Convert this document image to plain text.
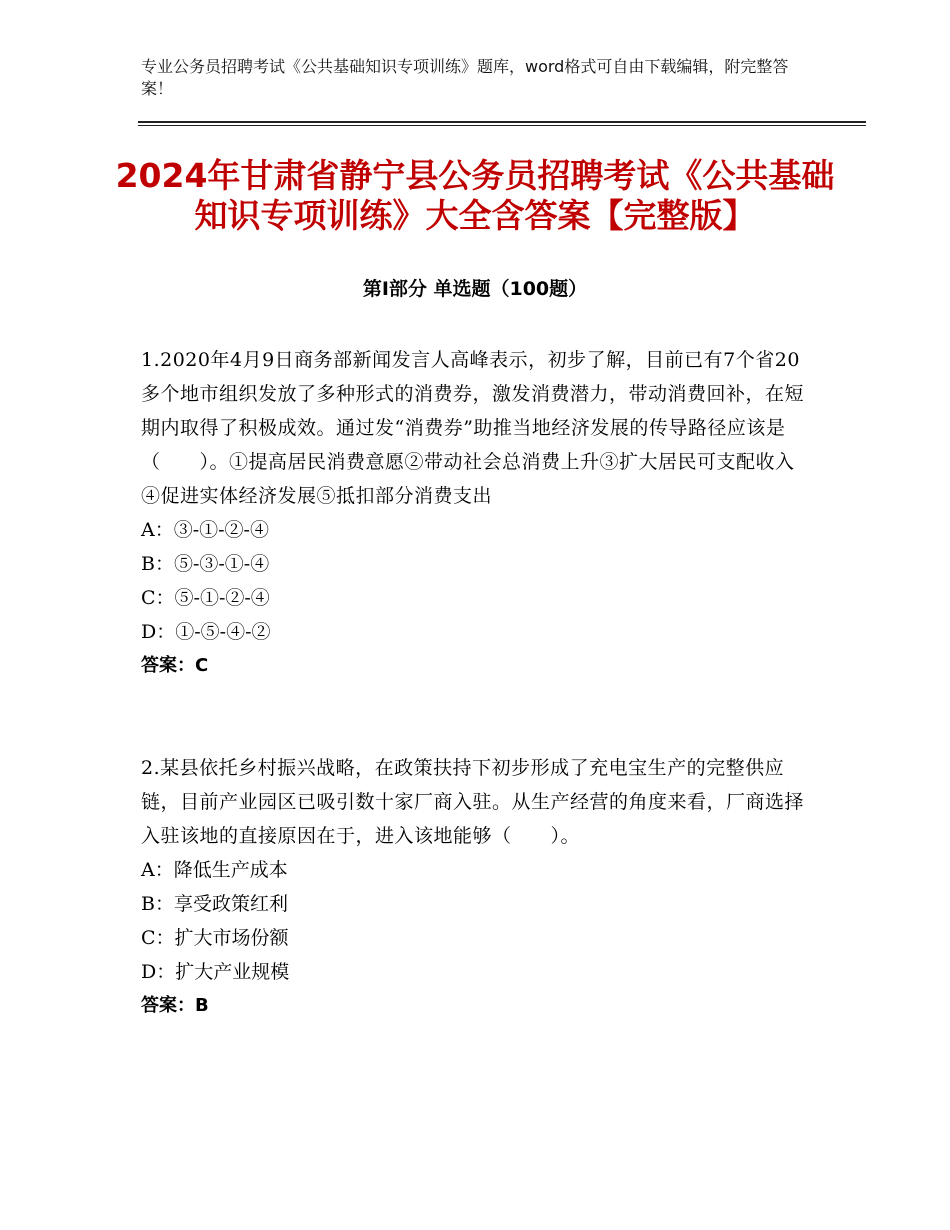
专业公务员招聘考试《公共基础知识专项训练》题库，word格式可自由下载编辑，附完整答案！
2024年甘肃省静宁县公务员招聘考试《公共基础知识专项训练》大全含答案【完整版】
第Ⅰ部分 单选题（100题）

1.2020年4月9日商务部新闻发言人高峰表示，初步了解，目前已有7个省20多个地市组织发放了多种形式的消费券，激发消费潜力，带动消费回补，在短期内取得了积极成效。通过发“消费券”助推当地经济发展的传导路径应该是（　　）。①提高居民消费意愿②带动社会总消费上升③扩大居民可支配收入④促进实体经济发展⑤抵扣部分消费支出

A：③-①-②-④

B：⑤-③-①-④

C：⑤-①-②-④

D：①-⑤-④-②

答案：C

2.某县依托乡村振兴战略，在政策扶持下初步形成了充电宝生产的完整供应链，目前产业园区已吸引数十家厂商入驻。从生产经营的角度来看，厂商选择入驻该地的直接原因在于，进入该地能够（　　）。

A：降低生产成本

B：享受政策红利

C：扩大市场份额

D：扩大产业规模

答案：B
